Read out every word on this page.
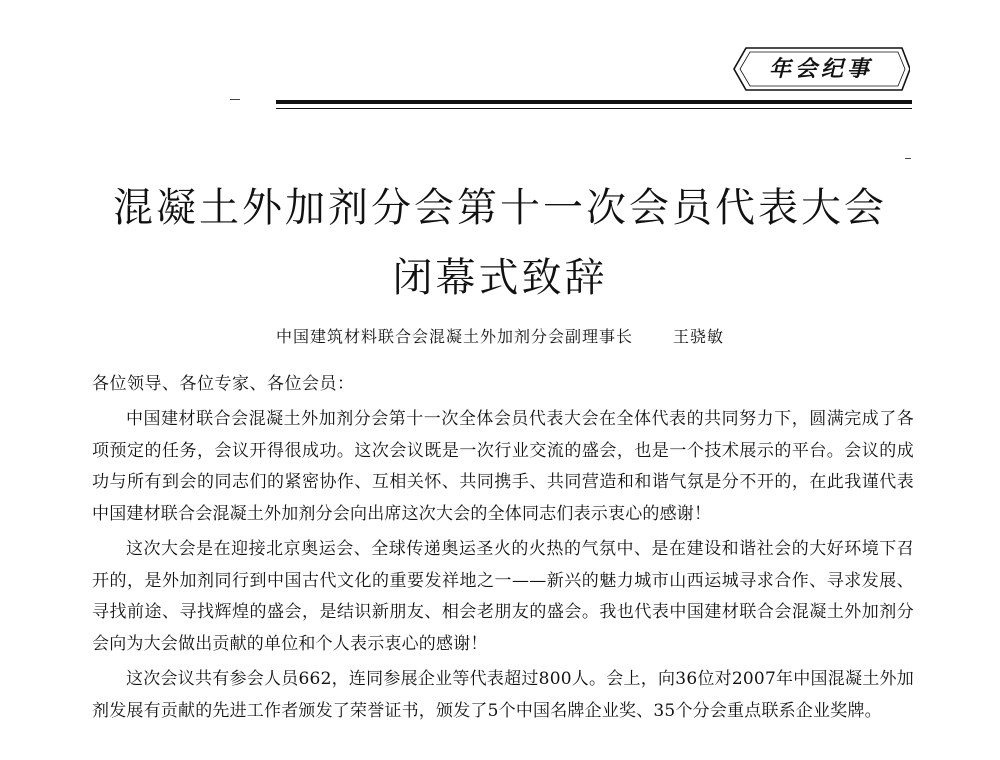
年会纪事
混凝土外加剂分会第十一次会员代表大会
闭幕式致辞
中国建筑材料联合会混凝土外加剂分会副理事长	王骁敏
各位领导、各位专家、各位会员：

中国建材联合会混凝土外加剂分会第十一次全体会员代表大会在全体代表的共同努力下，圆满完成了各项预定的任务，会议开得很成功。这次会议既是一次行业交流的盛会，也是一个技术展示的平台。会议的成功与所有到会的同志们的紧密协作、互相关怀、共同携手、共同营造和和谐气氛是分不开的，在此我谨代表中国建材联合会混凝土外加剂分会向出席这次大会的全体同志们表示衷心的感谢！

这次大会是在迎接北京奥运会、全球传递奥运圣火的火热的气氛中、是在建设和谐社会的大好环境下召开的，是外加剂同行到中国古代文化的重要发祥地之一——新兴的魅力城市山西运城寻求合作、寻求发展、寻找前途、寻找辉煌的盛会，是结识新朋友、相会老朋友的盛会。我也代表中国建材联合会混凝土外加剂分会向为大会做出贡献的单位和个人表示衷心的感谢！

这次会议共有参会人员662，连同参展企业等代表超过800人。会上，向36位对2007年中国混凝土外加剂发展有贡献的先进工作者颁发了荣誉证书，颁发了5个中国名牌企业奖、35个分会重点联系企业奖牌。
